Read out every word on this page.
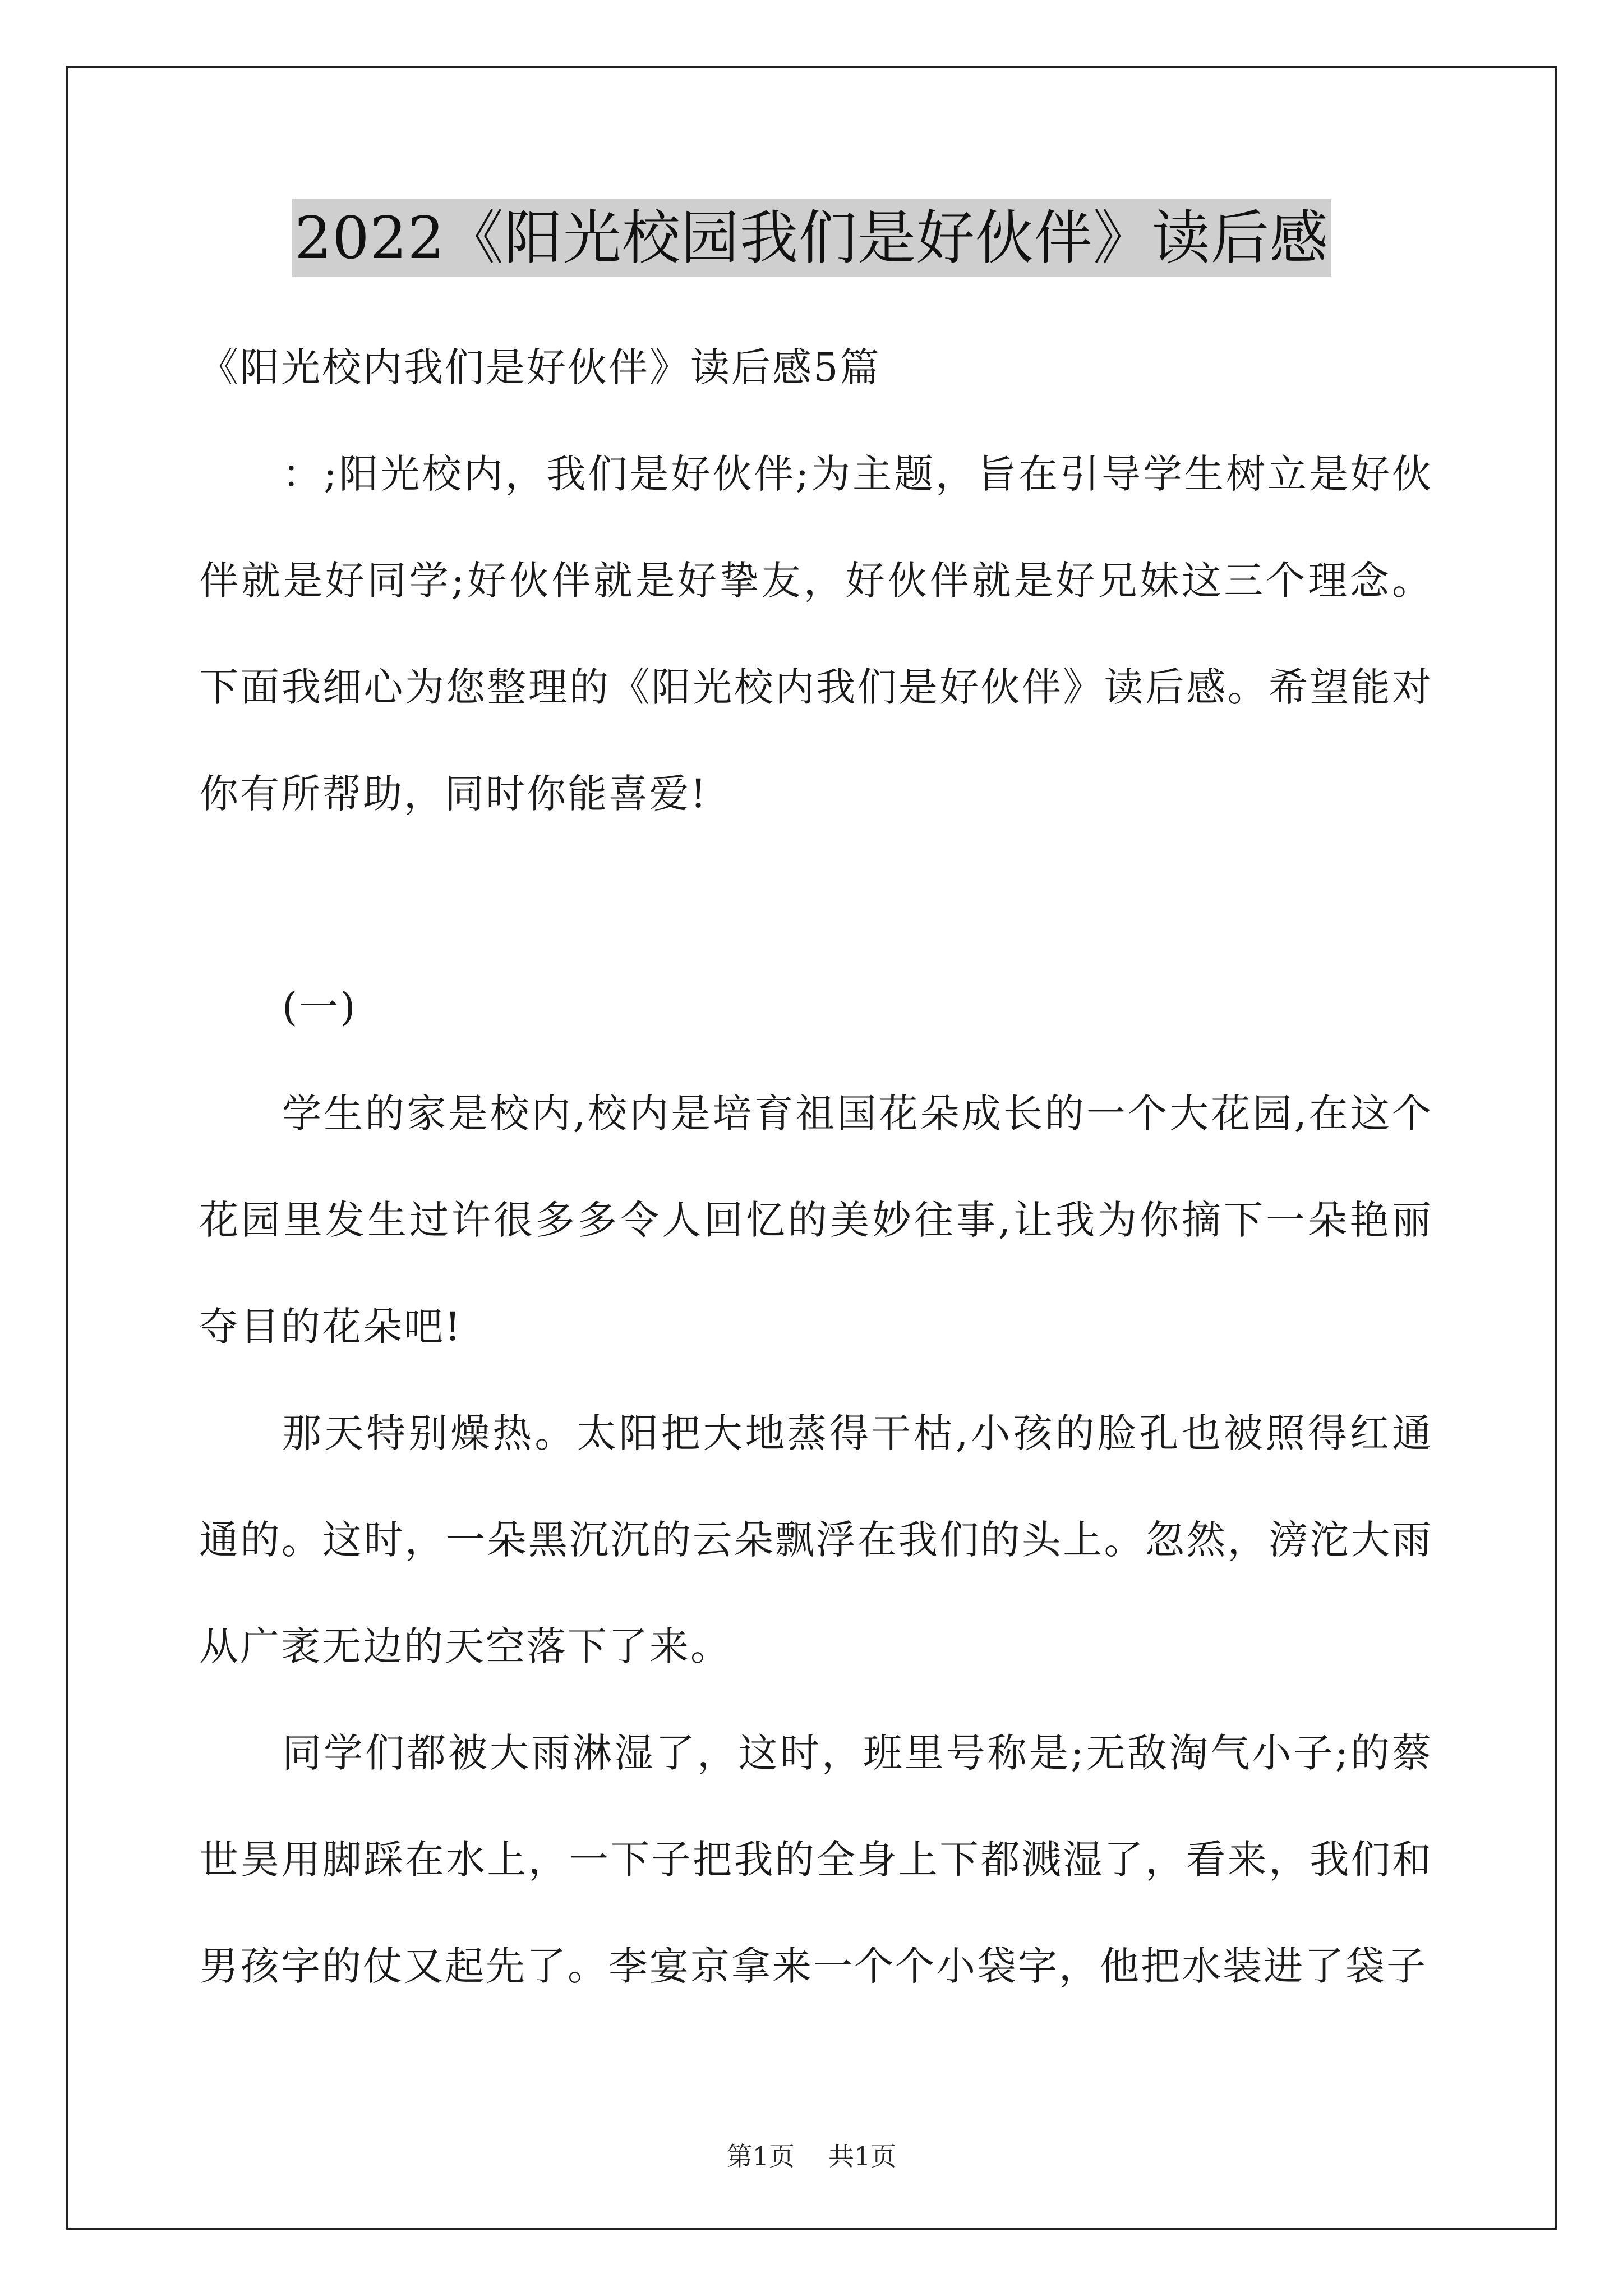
2022《阳光校园我们是好伙伴》读后感

《阳光校内我们是好伙伴》读后感5篇

：;阳光校内，我们是好伙伴;为主题，旨在引导学生树立是好伙伴就是好同学;好伙伴就是好挚友，好伙伴就是好兄妹这三个理念。下面我细心为您整理的《阳光校内我们是好伙伴》读后感。希望能对你有所帮助，同时你能喜爱!

(一)

学生的家是校内,校内是培育祖国花朵成长的一个大花园,在这个花园里发生过许很多多令人回忆的美妙往事,让我为你摘下一朵艳丽夺目的花朵吧!

那天特别燥热。太阳把大地蒸得干枯,小孩的脸孔也被照得红通通的。这时，一朵黑沉沉的云朵飘浮在我们的头上。忽然，滂沱大雨从广袤无边的天空落下了来。

同学们都被大雨淋湿了，这时，班里号称是;无敌淘气小子;的蔡世昊用脚踩在水上，一下子把我的全身上下都溅湿了，看来，我们和男孩字的仗又起先了。李宴京拿来一个个小袋字，他把水装进了袋子

第1页 共1页
